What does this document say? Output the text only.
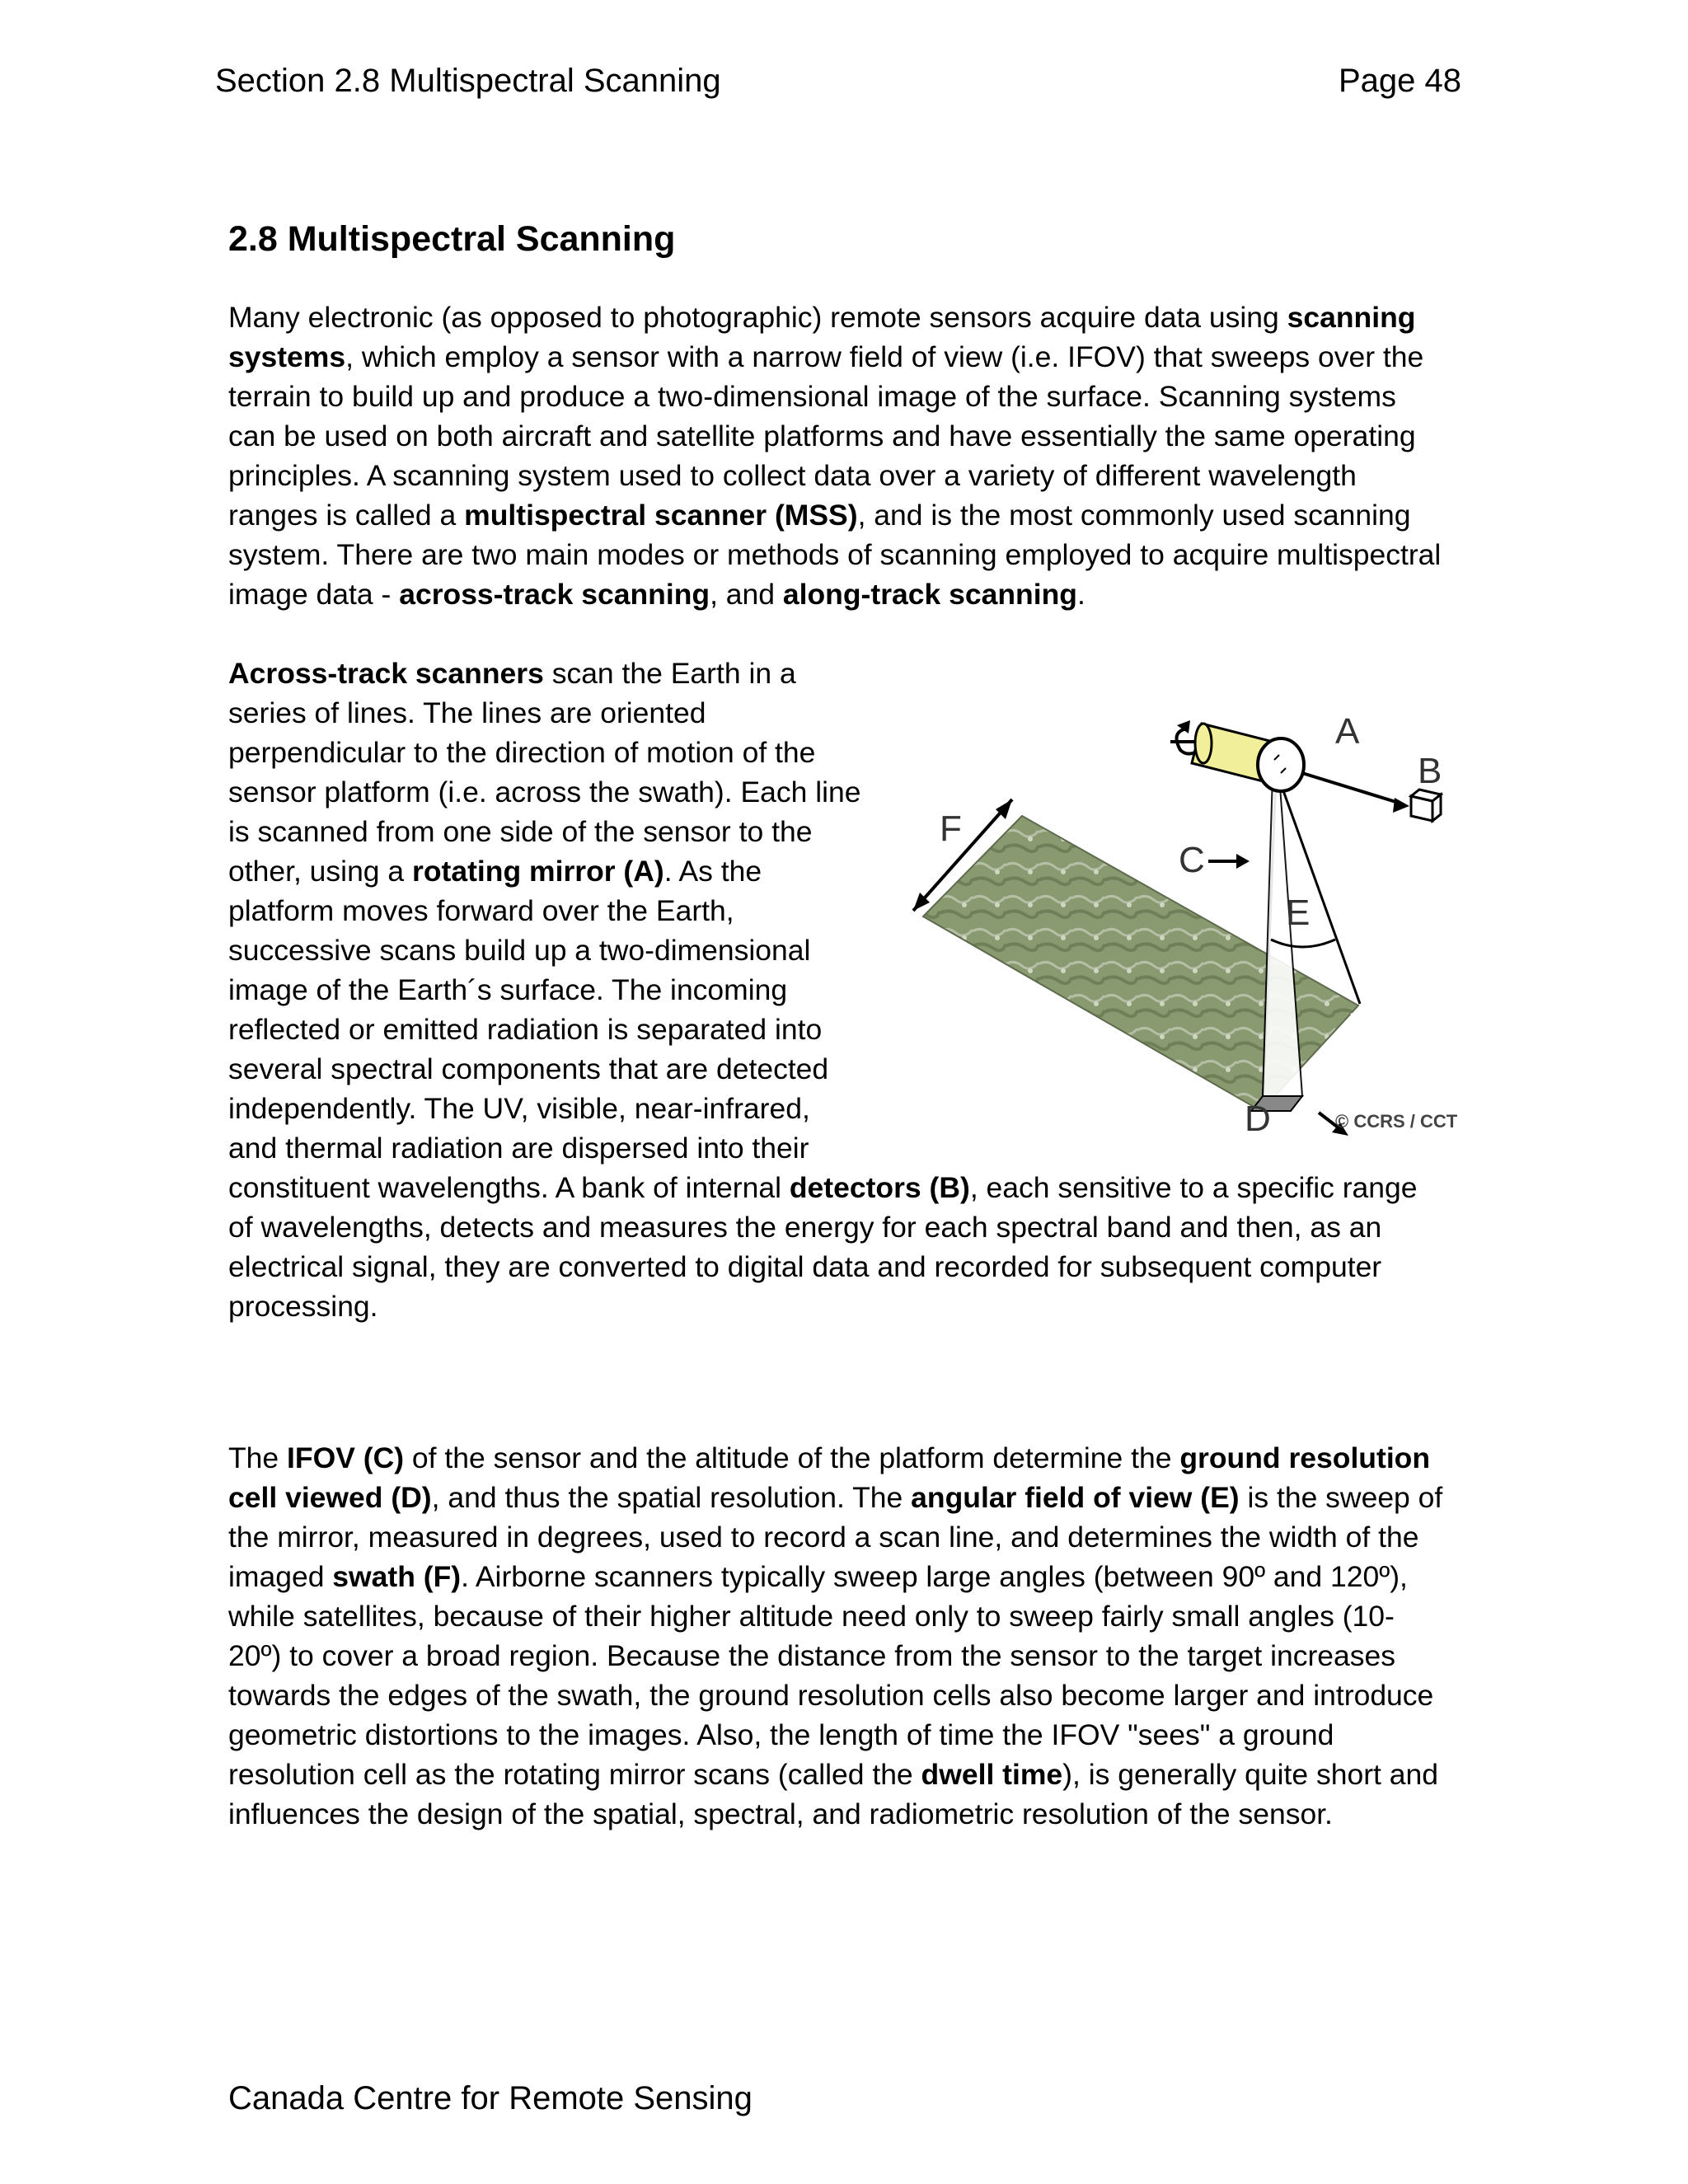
Section 2.8 Multispectral Scanning	Page 48
2.8 Multispectral Scanning

Many electronic (as opposed to photographic) remote sensors acquire data using scanning
systems, which employ a sensor with a narrow field of view (i.e. IFOV) that sweeps over the
terrain to build up and produce a two-dimensional image of the surface. Scanning systems
can be used on both aircraft and satellite platforms and have essentially the same operating
principles. A scanning system used to collect data over a variety of different wavelength
ranges is called a multispectral scanner (MSS), and is the most commonly used scanning
system. There are two main modes or methods of scanning employed to acquire multispectral
image data - across-track scanning, and along-track scanning.

Across-track scanners scan the Earth in a
series of lines. The lines are oriented
perpendicular to the direction of motion of the
sensor platform (i.e. across the swath). Each line
is scanned from one side of the sensor to the
other, using a rotating mirror (A). As the
platform moves forward over the Earth,
successive scans build up a two-dimensional
image of the Earth´s surface. The incoming
reflected or emitted radiation is separated into
several spectral components that are detected
independently. The UV, visible, near-infrared,
and thermal radiation are dispersed into their
constituent wavelengths. A bank of internal detectors (B), each sensitive to a specific range
of wavelengths, detects and measures the energy for each spectral band and then, as an
electrical signal, they are converted to digital data and recorded for subsequent computer
processing.

F
E
C
A
B
D	© CCRS / CCT

The IFOV (C) of the sensor and the altitude of the platform determine the ground resolution
cell viewed (D), and thus the spatial resolution. The angular field of view (E) is the sweep of
the mirror, measured in degrees, used to record a scan line, and determines the width of the
imaged swath (F). Airborne scanners typically sweep large angles (between 90º and 120º),
while satellites, because of their higher altitude need only to sweep fairly small angles (10-
20º) to cover a broad region. Because the distance from the sensor to the target increases
towards the edges of the swath, the ground resolution cells also become larger and introduce
geometric distortions to the images. Also, the length of time the IFOV "sees" a ground
resolution cell as the rotating mirror scans (called the dwell time), is generally quite short and
influences the design of the spatial, spectral, and radiometric resolution of the sensor.

Canada Centre for Remote Sensing
